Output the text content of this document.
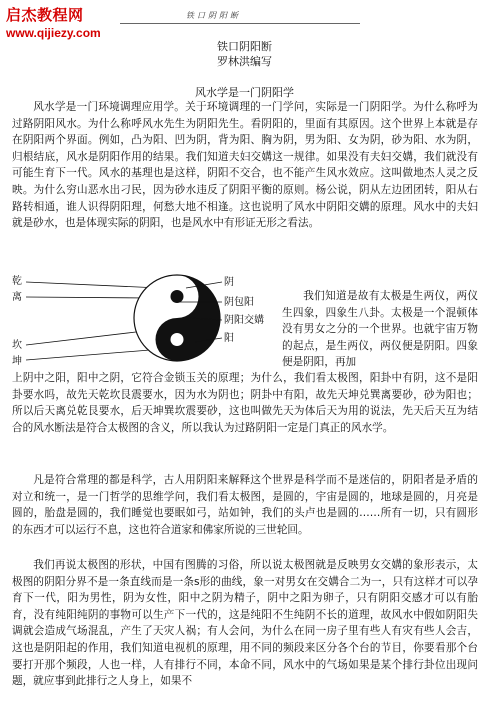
启杰教程网
www.qijiezy.com
铁口阴阳断
铁口阴阳断
罗林洪编写
风水学是一门阴阳学

风水学是一门环境调理应用学。关于环境调理的一门学问，实际是一门阴阳学。为什么称呼为过路阴阳风水。为什么称呼风水先生为阴阳先生。看阴阳的，里面有其原因。这个世界上本就是存在阴阳两个界面。例如，凸为阳、凹为阴，背为阳、胸为阴，男为阳、女为阴，砂为阳、水为阴，归根结底，风水是阴阳作用的结果。我们知道夫妇交媾这一规律。如果没有夫妇交媾，我们就没有可能生育下一代。风水的基理也是这样，阴阳不交合，也不能产生风水效应。这叫做地杰人灵之反映。为什么穷山恶水出刁民，因为砂水违反了阴阳平衡的原则。杨公说，阴从左边团团转，阳从右路转相通，谁人识得阴阳理，何愁大地不相逢。这也说明了风水中阴阳交媾的原理。风水中的夫妇就是砂水，也是体现实际的阴阳，也是风水中有形证无形之看法。

乾
离
坎
坤
阴
阴包阳
阴阳交媾
阳

我们知道是故有太极是生两仪，两仪生四象，四象生八卦。太极是一个混顿体没有男女之分的一个世界。也就宇宙万物的起点，是生两仪，两仪便是阴阳。四象便是阴阳，再加

上阴中之阳，阳中之阴，它符合金锁玉关的原理；为什么，我们看太极图，阳卦中有阴，这不是阳卦要水吗，故先天乾坎艮震要水，因为水为阴也；阴卦中有阳，故先天坤兑巽离要砂，砂为阳也；所以后天离兑乾艮要水，后天坤巽坎震要砂，这也叫做先天为体后天为用的说法，先天后天互为结合的风水断法是符合太极图的含义，所以我认为过路阴阳一定是门真正的风水学。

凡是符合常理的都是科学，古人用阴阳来解释这个世界是科学而不是迷信的，阴阳者是矛盾的对立和统一，是一门哲学的思维学问，我们看太极图，是圆的，宇宙是圆的，地球是圆的，月亮是圆的，胎盘是圆的，我们睡觉也要眠如弓，站如钟，我们的头卢也是圆的……所有一切，只有圆形的东西才可以运行不息，这也符合道家和佛家所说的三世轮回。

我们再说太极图的形状，中国有图腾的习俗，所以说太极图就是反映男女交媾的象形表示，太极图的阴阳分界不是一条直线而是一条s形的曲线，象一对男女在交媾合二为一，只有这样才可以孕育下一代，阳为男性，阴为女性，阳中之阴为精子，阴中之阳为卵子，只有阴阳交感才可以有胎育，没有纯阳纯阴的事物可以生产下一代的，这是纯阳不生纯阴不长的道理，故风水中假如阴阳失调就会造成气场混乱，产生了天灾人祸；有人会问，为什么在同一房子里有些人有灾有些人会吉，这也是阴阳起的作用，我们知道电视机的原理，用不同的频段来区分各个台的节目，你要看那个台要打开那个频段，人也一样，人有排行不同，本命不同，风水中的气场如果是某个排行卦位出现问题，就应事到此排行之人身上，如果不
